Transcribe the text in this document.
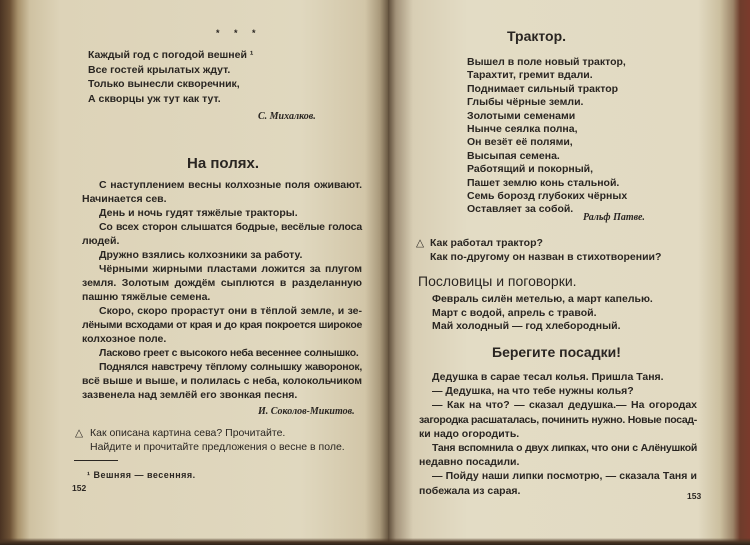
* * *
Каждый год с погодой вешней ¹
Все гостей крылатых ждут.
Только вынесли скворечник,
А скворцы уж тут как тут.
С. Михалков.
На полях.
С наступлением весны колхозные поля оживают.
Начинается сев.
День и ночь гудят тяжёлые тракторы.
Со всех сторон слышатся бодрые, весёлые голоса
людей.
Дружно взялись колхозники за работу.
Чёрными жирными пластами ложится за плугом
земля. Золотым дождём сыплются в разделанную
пашню тяжёлые семена.
Скоро, скоро прорастут они в тёплой земле, и зе-
лёными всходами от края и до края покроется широкое
колхозное поле.
Ласково греет с высокого неба весеннее солнышко.
Поднялся навстречу тёплому солнышку жаворонок,
всё выше и выше, и полилась с неба, колокольчиком
зазвенела над землёй его звонкая песня.
И. Соколов-Микитов.
△ Как описана картина сева? Прочитайте.
Найдите и прочитайте предложения о весне в поле.
¹ Вешняя — весенняя.
152
Трактор.
Вышел в поле новый трактор,
Тарахтит, гремит вдали.
Поднимает сильный трактор
Глыбы чёрные земли.
Золотыми семенами
Нынче сеялка полна,
Он везёт её полями,
Высыпая семена.
Работящий и покорный,
Пашет землю конь стальной.
Семь борозд глубоких чёрных
Оставляет за собой.
Ральф Патве.
△ Как работал трактор?
Как по-другому он назван в стихотворении?
Пословицы и поговорки.
Февраль силён метелью, а март капелью.
Март с водой, апрель с травой.
Май холодный — год хлебородный.
Берегите посадки!
Дедушка в сарае тесал колья. Пришла Таня.
— Дедушка, на что тебе нужны колья?
— Как на что? — сказал дедушка.— На огородах
загородка расшаталась, починить нужно. Новые посад-
ки надо огородить.
Таня вспомнила о двух липках, что они с Алёнушкой
недавно посадили.
— Пойду наши липки посмотрю, — сказала Таня и
побежала из сарая.	153
